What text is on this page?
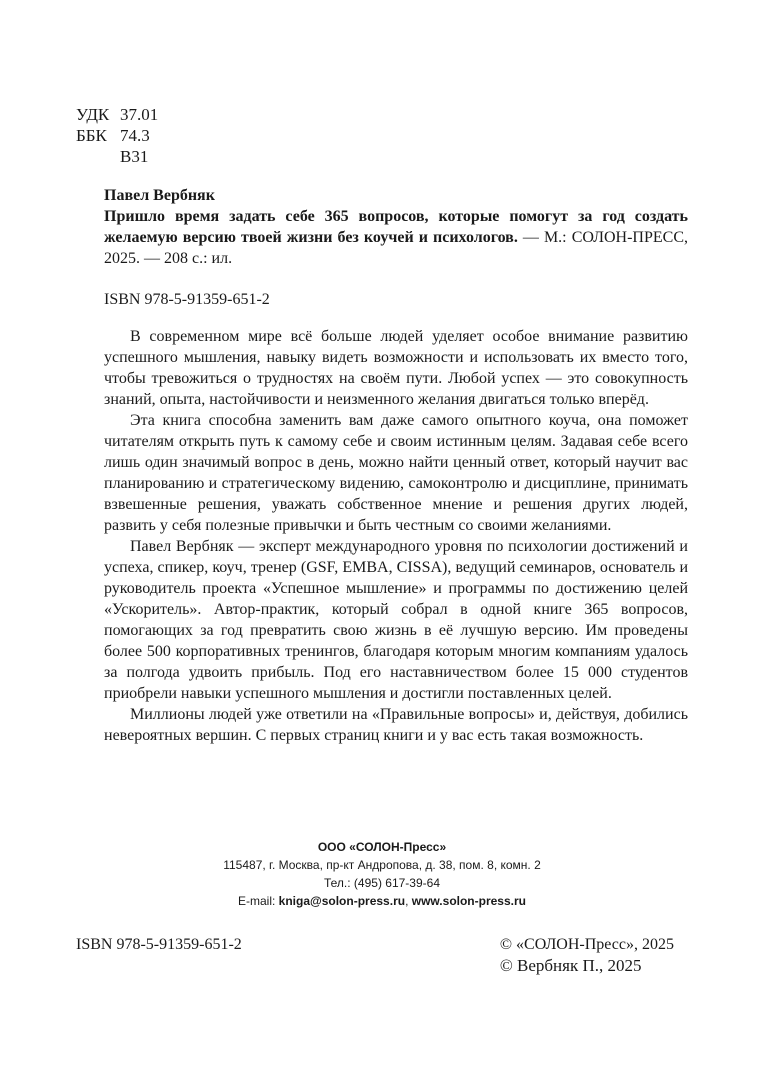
УДК 37.01
ББК 74.3
В31
Павел Вербняк
Пришло время задать себе 365 вопросов, которые помогут за год создать желаемую версию твоей жизни без коучей и психологов. — М.: СОЛОН-ПРЕСС, 2025. — 208 с.: ил.
ISBN 978-5-91359-651-2

В современном мире всё больше людей уделяет особое внимание развитию успешного мышления, навыку видеть возможности и использовать их вместо того, чтобы тревожиться о трудностях на своём пути. Любой успех — это совокупность знаний, опыта, настойчивости и неизменного желания двигаться только вперёд.

Эта книга способна заменить вам даже самого опытного коуча, она поможет читателям открыть путь к самому себе и своим истинным целям. Задавая себе всего лишь один значимый вопрос в день, можно найти ценный ответ, который научит вас планированию и стратегическому видению, самоконтролю и дисциплине, принимать взвешенные решения, уважать собственное мнение и решения других людей, развить у себя полезные привычки и быть честным со своими желаниями.

Павел Вербняк — эксперт международного уровня по психологии достижений и успеха, спикер, коуч, тренер (GSF, EMBA, CISSA), ведущий семинаров, основатель и руководитель проекта «Успешное мышление» и программы по достижению целей «Ускоритель». Автор-практик, который собрал в одной книге 365 вопросов, помогающих за год превратить свою жизнь в её лучшую версию. Им проведены более 500 корпоративных тренингов, благодаря которым многим компаниям удалось за полгода удвоить прибыль. Под его наставничеством более 15 000 студентов приобрели навыки успешного мышления и достигли поставленных целей.

Миллионы людей уже ответили на «Правильные вопросы» и, действуя, добились невероятных вершин. С первых страниц книги и у вас есть такая возможность.

ООО «СОЛОН-Пресс»
115487, г. Москва, пр-кт Андропова, д. 38, пом. 8, комн. 2
Тел.: (495) 617-39-64
E-mail: kniga@solon-press.ru, www.solon-press.ru
ISBN 978-5-91359-651-2	© «СОЛОН-Пресс», 2025
© Вербняк П., 2025
